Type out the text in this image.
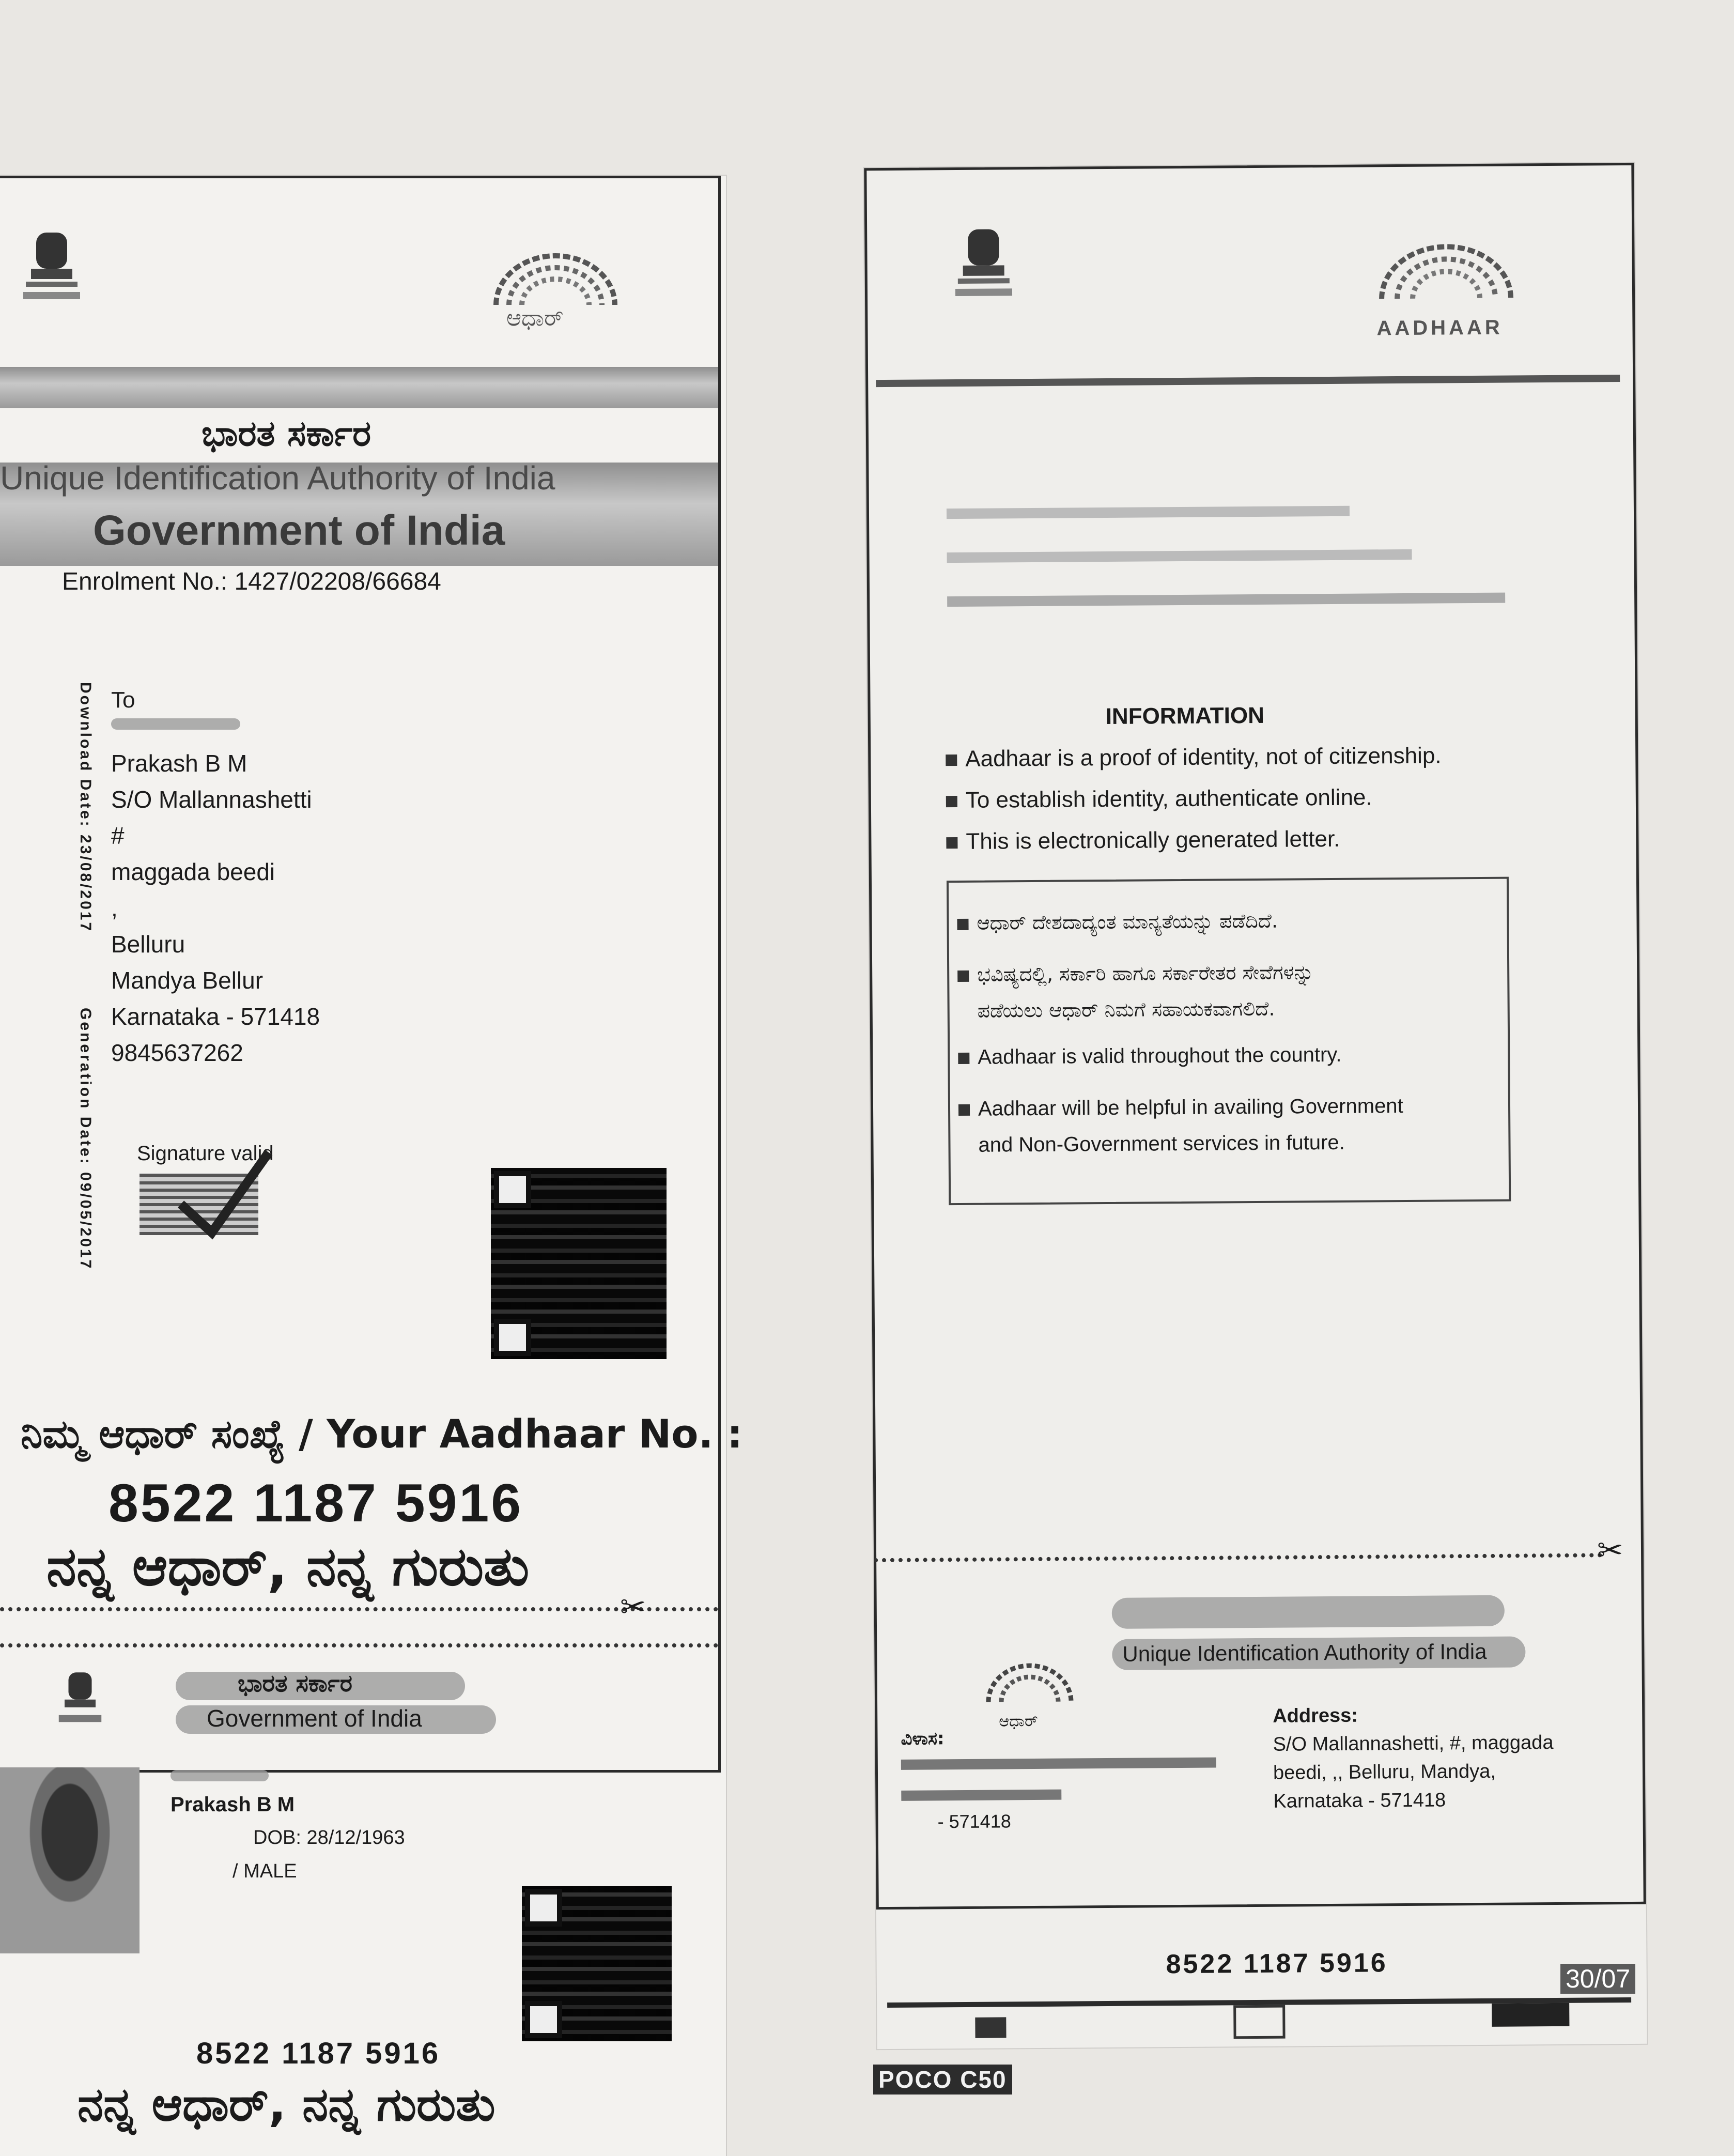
ಆಧಾರ್
ಭಾರತ ಸರ್ಕಾರ
Unique Identification Authority of India
Government of India
Enrolment No.: 1427/02208/66684
Download Date: 23/08/2017
Generation Date: 09/05/2017
To
Prakash B M
S/O Mallannashetti
#
maggada beedi
,
Belluru
Mandya Bellur
Karnataka - 571418
9845637262
Signature valid
ನಿಮ್ಮ ಆಧಾರ್ ಸಂಖ್ಯೆ / Your Aadhaar No. :
8522 1187 5916
ನನ್ನ ಆಧಾರ್, ನನ್ನ ಗುರುತು
✂
ಭಾರತ ಸರ್ಕಾರ
Government of India
Prakash B M
DOB: 28/12/1963
/ MALE
8522 1187 5916
ನನ್ನ ಆಧಾರ್, ನನ್ನ ಗುರುತು
AADHAAR
INFORMATION
Aadhaar is a proof of identity, not of citizenship.
To establish identity, authenticate online.
This is electronically generated letter.
ಆಧಾರ್ ದೇಶದಾದ್ಯಂತ ಮಾನ್ಯತೆಯನ್ನು ಪಡೆದಿದೆ.
ಭವಿಷ್ಯದಲ್ಲಿ, ಸರ್ಕಾರಿ ಹಾಗೂ ಸರ್ಕಾರೇತರ ಸೇವೆಗಳನ್ನು
ಪಡೆಯಲು ಆಧಾರ್ ನಿಮಗೆ ಸಹಾಯಕವಾಗಲಿದೆ.
Aadhaar is valid throughout the country.
Aadhaar will be helpful in availing Government
and Non-Government services in future.
✂
ಆಧಾರ್
Unique Identification Authority of India
ವಿಳಾಸ:
- 571418
Address:
S/O Mallannashetti, #, maggada
beedi, ,, Belluru, Mandya,
Karnataka - 571418
8522 1187 5916
POCO C50
30/07
